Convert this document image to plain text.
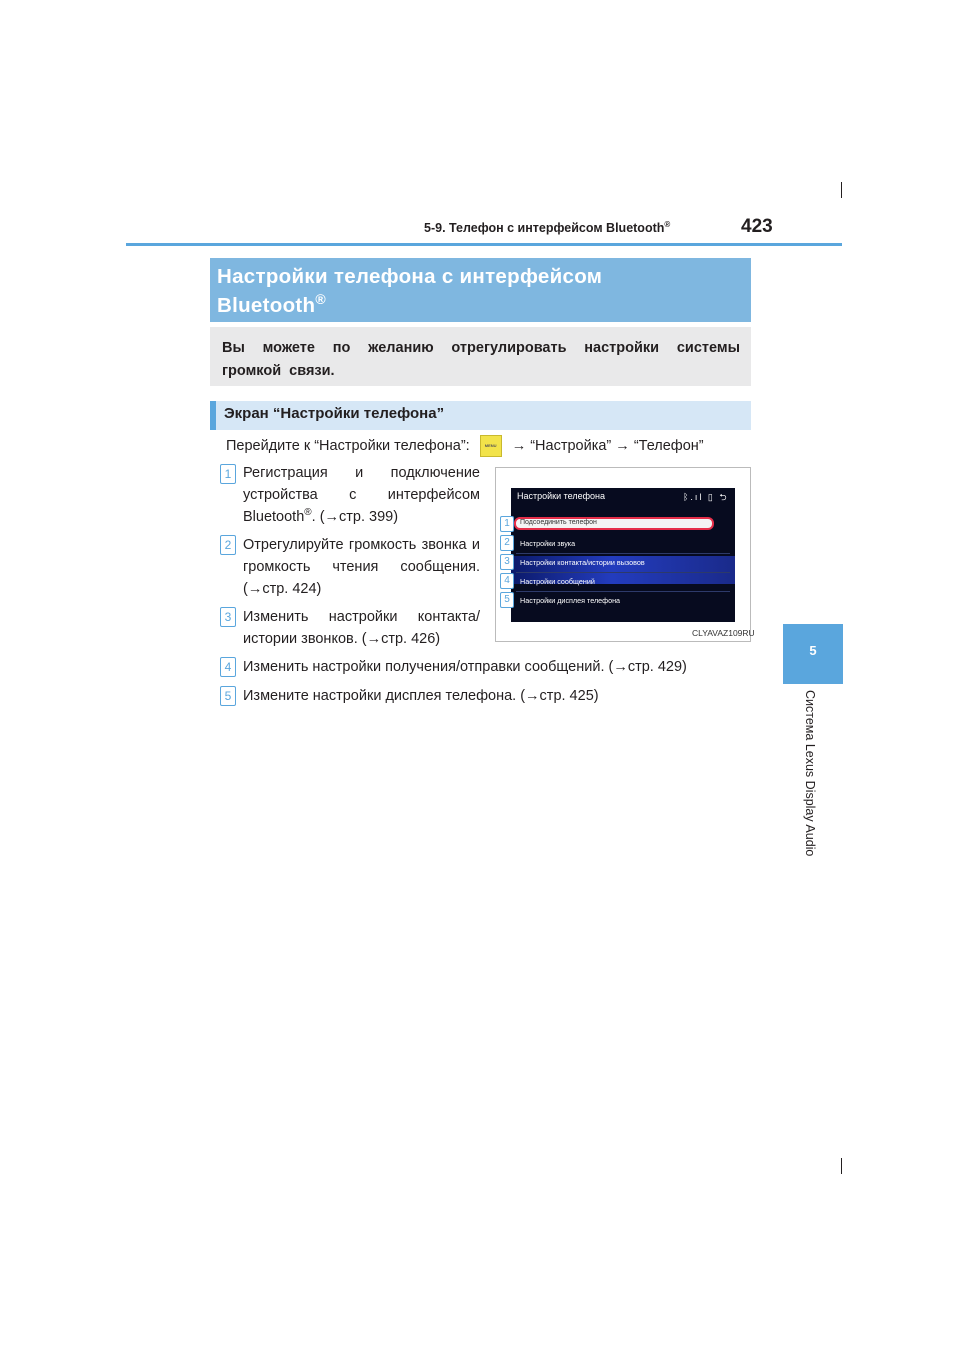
5-9. Телефон с интерфейсом Bluetooth®	423
5
Система Lexus Display Audio
Настройки телефона с интерфейсом
Bluetooth®
Вы можете по желанию отрегулировать настройки системы громкой связи.
Экран “Настройки телефона”
Перейдите к “Настройки телефона”:	MENU → “Настройка” → “Телефон”
1 Регистрация и подключение устройства с интерфейсом Bluetooth®. (→стр. 399)
2 Отрегулируйте громкость звонка и громкость чтения сообщения. (→стр. 424)
3 Изменить настройки контакта/истории звонков. (→стр. 426)
4 Изменить настройки получения/отправки сообщений. (→стр. 429)
5 Измените настройки дисплея телефона. (→стр. 425)
Настройки телефона	ᛒ.ıl ▯ ⮌
Подсоединить телефон
Настройки звука
Настройки контакта/истории вызовов
Настройки сообщений
Настройки дисплея телефона
1
2
3
4
5
CLYAVAZ109RU
